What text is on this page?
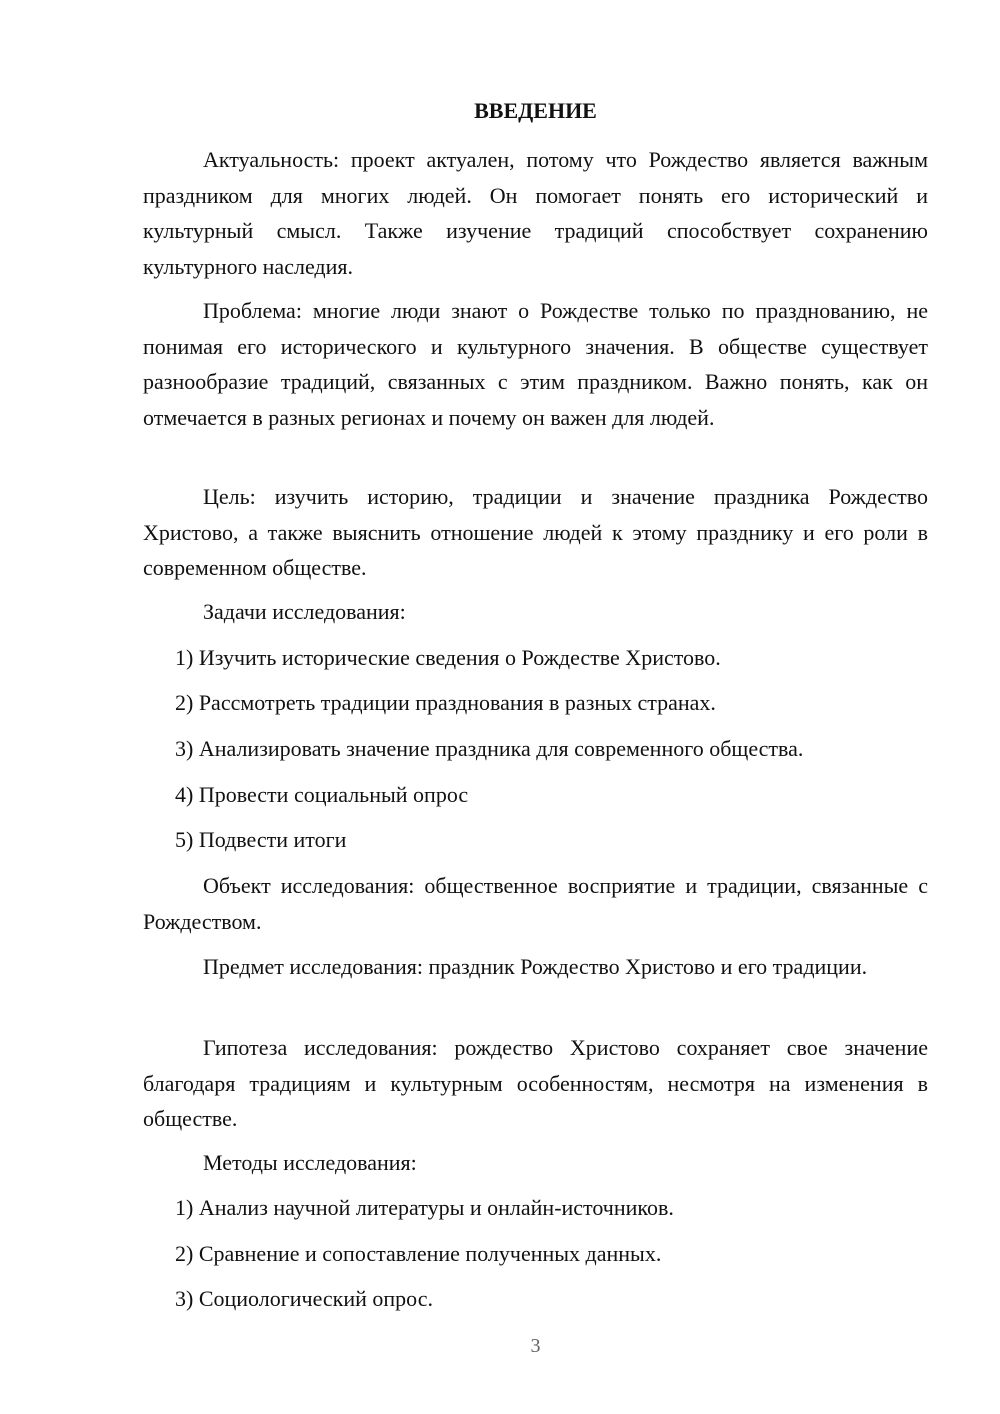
ВВЕДЕНИЕ

Актуальность: проект актуален, потому что Рождество является важным праздником для многих людей. Он помогает понять его исторический и культурный смысл. Также изучение традиций способствует сохранению культурного наследия.

Проблема: многие люди знают о Рождестве только по празднованию, не понимая его исторического и культурного значения. В обществе существует разнообразие традиций, связанных с этим праздником. Важно понять, как он отмечается в разных регионах и почему он важен для людей.

Цель: изучить историю, традиции и значение праздника Рождество Христово, а также выяснить отношение людей к этому празднику и его роли в современном обществе.

Задачи исследования:

1) Изучить исторические сведения о Рождестве Христово.

2) Рассмотреть традиции празднования в разных странах.

3) Анализировать значение праздника для современного общества.

4) Провести социальный опрос

5) Подвести итоги

Объект исследования: общественное восприятие и традиции, связанные с Рождеством.

Предмет исследования: праздник Рождество Христово и его традиции.

Гипотеза исследования: рождество Христово сохраняет свое значение благодаря традициям и культурным особенностям, несмотря на изменения в обществе.

Методы исследования:

1) Анализ научной литературы и онлайн-источников.

2) Сравнение и сопоставление полученных данных.

3) Социологический опрос.

3
